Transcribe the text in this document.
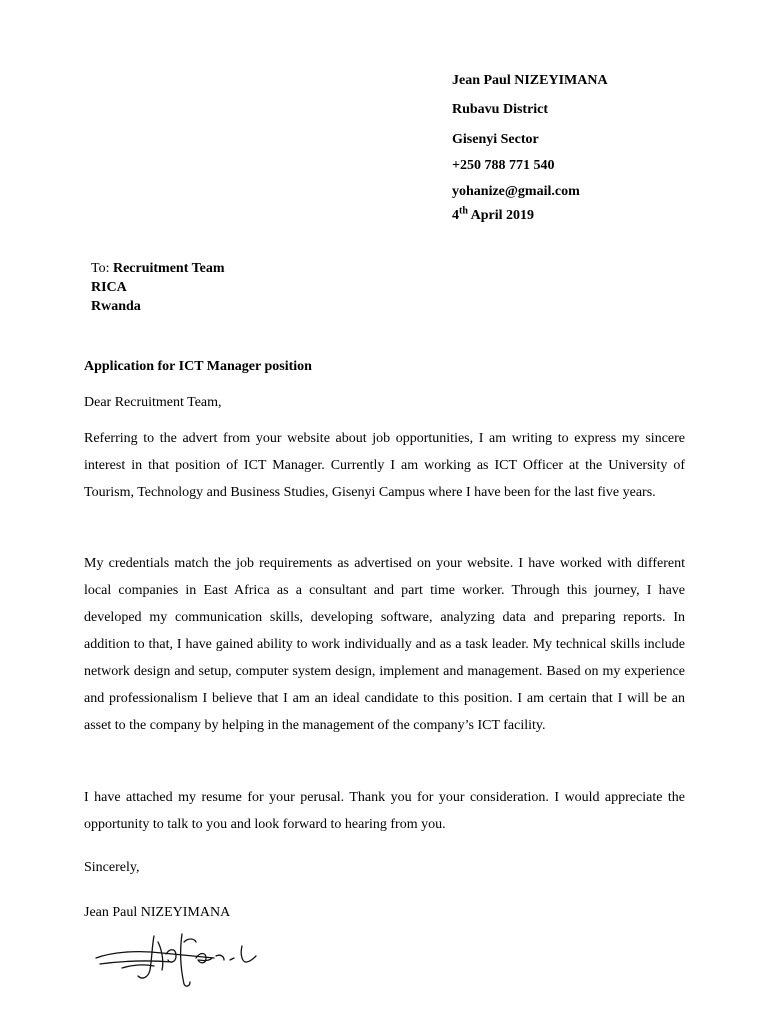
Jean Paul NIZEYIMANA
Rubavu District
Gisenyi Sector
+250 788 771 540
yohanize@gmail.com
4th April 2019
To: Recruitment Team
RICA
Rwanda
Application for ICT Manager position
Dear Recruitment Team,

Referring to the advert from your website about job opportunities, I am writing to express my sincere interest in that position of ICT Manager. Currently I am working as ICT Officer at the University of Tourism, Technology and Business Studies, Gisenyi Campus where I have been for the last five years.

My credentials match the job requirements as advertised on your website. I have worked with different local companies in East Africa as a consultant and part time worker. Through this journey, I have developed my communication skills, developing software, analyzing data and preparing reports. In addition to that, I have gained ability to work individually and as a task leader. My technical skills include network design and setup, computer system design, implement and management. Based on my experience and professionalism I believe that I am an ideal candidate to this position. I am certain that I will be an asset to the company by helping in the management of the company’s ICT facility.

I have attached my resume for your perusal. Thank you for your consideration. I would appreciate the opportunity to talk to you and look forward to hearing from you.

Sincerely,
Jean Paul NIZEYIMANA
